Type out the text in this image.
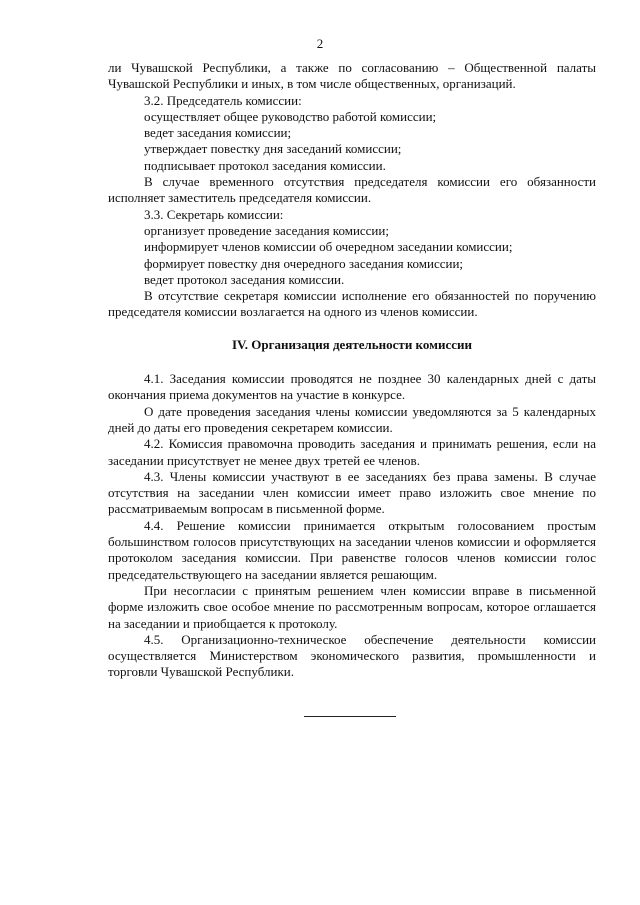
2

ли Чувашской Республики, а также по согласованию – Общественной палаты Чувашской Республики и иных, в том числе общественных, организаций.

3.2. Председатель комиссии:

осуществляет общее руководство работой комиссии;

ведет заседания комиссии;

утверждает повестку дня заседаний комиссии;

подписывает протокол заседания комиссии.

В случае временного отсутствия председателя комиссии его обязанности исполняет заместитель председателя комиссии.

3.3. Секретарь комиссии:

организует проведение заседания комиссии;

информирует членов комиссии об очередном заседании комиссии;

формирует повестку дня очередного заседания комиссии;

ведет протокол заседания комиссии.

В отсутствие секретаря комиссии исполнение его обязанностей по поручению председателя комиссии возлагается на одного из членов комиссии.

IV. Организация деятельности комиссии

4.1. Заседания комиссии проводятся не позднее 30 календарных дней с даты окончания приема документов на участие в конкурсе.

О дате проведения заседания члены комиссии уведомляются за 5 календарных дней до даты его проведения секретарем комиссии.

4.2. Комиссия правомочна проводить заседания и принимать решения, если на заседании присутствует не менее двух третей ее членов.

4.3. Члены комиссии участвуют в ее заседаниях без права замены. В случае отсутствия на заседании член комиссии имеет право изложить свое мнение по рассматриваемым вопросам в письменной форме.

4.4. Решение комиссии принимается открытым голосованием простым большинством голосов присутствующих на заседании членов комиссии и оформляется протоколом заседания комиссии. При равенстве голосов членов комиссии голос председательствующего на заседании является решающим.

При несогласии с принятым решением член комиссии вправе в письменной форме изложить свое особое мнение по рассмотренным вопросам, которое оглашается на заседании и приобщается к протоколу.

4.5. Организационно-техническое обеспечение деятельности комиссии осуществляется Министерством экономического развития, промышленности и торговли Чувашской Республики.
